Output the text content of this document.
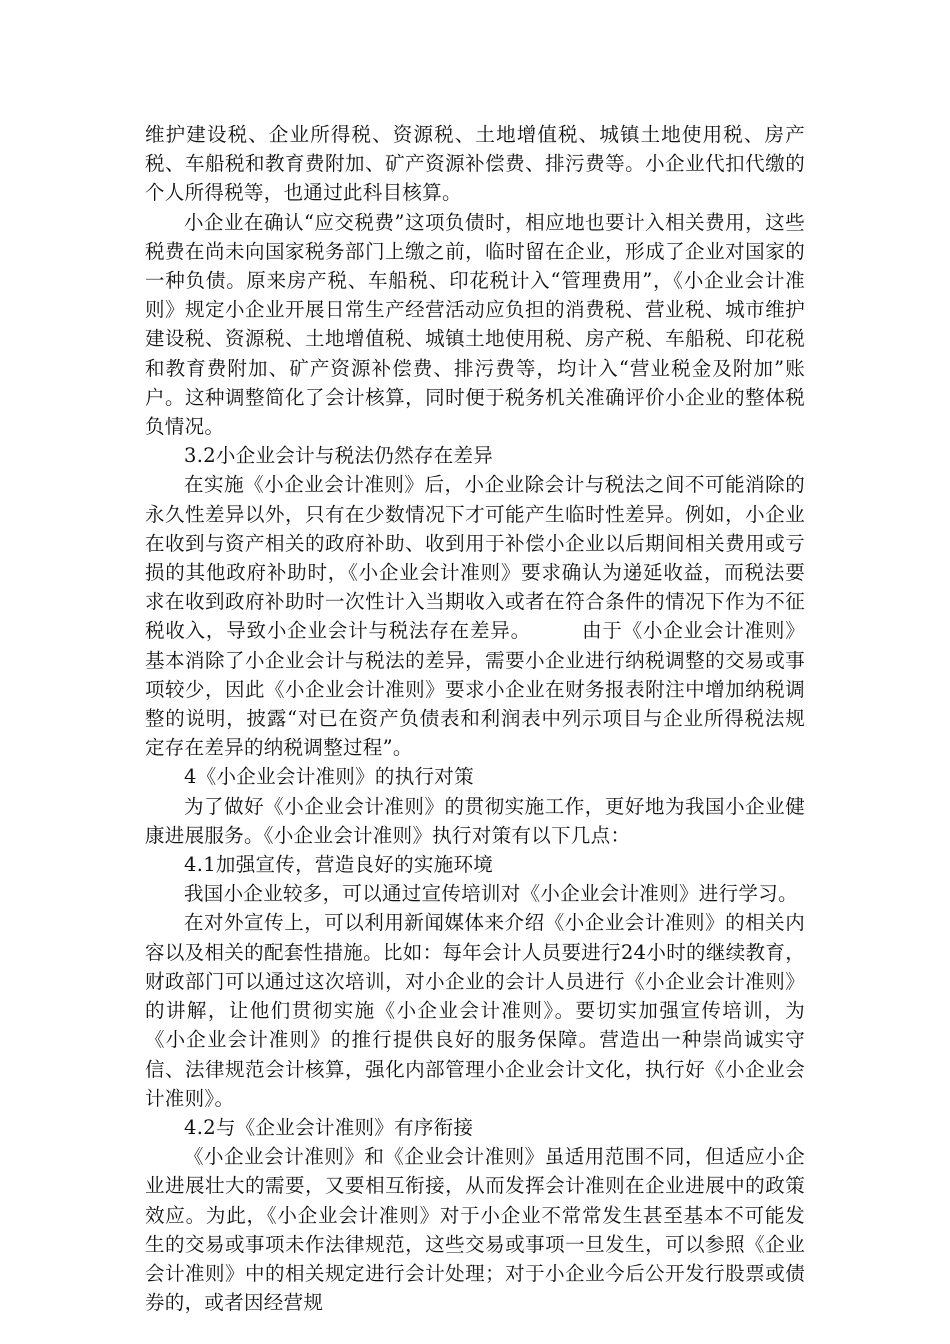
维护建设税、企业所得税、资源税、土地增值税、城镇土地使用税、房产税、车船税和教育费附加、矿产资源补偿费、排污费等。小企业代扣代缴的个人所得税等，也通过此科目核算。

小企业在确认“应交税费”这项负债时，相应地也要计入相关费用，这些税费在尚未向国家税务部门上缴之前，临时留在企业，形成了企业对国家的一种负债。原来房产税、车船税、印花税计入“管理费用”，《小企业会计准则》规定小企业开展日常生产经营活动应负担的消费税、营业税、城市维护建设税、资源税、土地增值税、城镇土地使用税、房产税、车船税、印花税和教育费附加、矿产资源补偿费、排污费等，均计入“营业税金及附加”账户。这种调整简化了会计核算，同时便于税务机关准确评价小企业的整体税负情况。

3.2小企业会计与税法仍然存在差异

在实施《小企业会计准则》后，小企业除会计与税法之间不可能消除的永久性差异以外，只有在少数情况下才可能产生临时性差异。例如，小企业在收到与资产相关的政府补助、收到用于补偿小企业以后期间相关费用或亏损的其他政府补助时，《小企业会计准则》要求确认为递延收益，而税法要求在收到政府补助时一次性计入当期收入或者在符合条件的情况下作为不征税收入，导致小企业会计与税法存在差异。　　　由于《小企业会计准则》基本消除了小企业会计与税法的差异，需要小企业进行纳税调整的交易或事项较少，因此《小企业会计准则》要求小企业在财务报表附注中增加纳税调整的说明，披露“对已在资产负债表和利润表中列示项目与企业所得税法规定存在差异的纳税调整过程”。

4《小企业会计准则》的执行对策

为了做好《小企业会计准则》的贯彻实施工作，更好地为我国小企业健康进展服务。《小企业会计准则》执行对策有以下几点：

4.1加强宣传，营造良好的实施环境

我国小企业较多，可以通过宣传培训对《小企业会计准则》进行学习。

在对外宣传上，可以利用新闻媒体来介绍《小企业会计准则》的相关内容以及相关的配套性措施。比如：每年会计人员要进行24小时的继续教育，财政部门可以通过这次培训，对小企业的会计人员进行《小企业会计准则》的讲解，让他们贯彻实施《小企业会计准则》。要切实加强宣传培训，为《小企业会计准则》的推行提供良好的服务保障。营造出一种崇尚诚实守信、法律规范会计核算，强化内部管理小企业会计文化，执行好《小企业会计准则》。

4.2与《企业会计准则》有序衔接

《小企业会计准则》和《企业会计准则》虽适用范围不同，但适应小企业进展壮大的需要，又要相互衔接，从而发挥会计准则在企业进展中的政策效应。为此，《小企业会计准则》对于小企业不常常发生甚至基本不可能发生的交易或事项未作法律规范，这些交易或事项一旦发生，可以参照《企业会计准则》中的相关规定进行会计处理；对于小企业今后公开发行股票或债券的，或者因经营规
